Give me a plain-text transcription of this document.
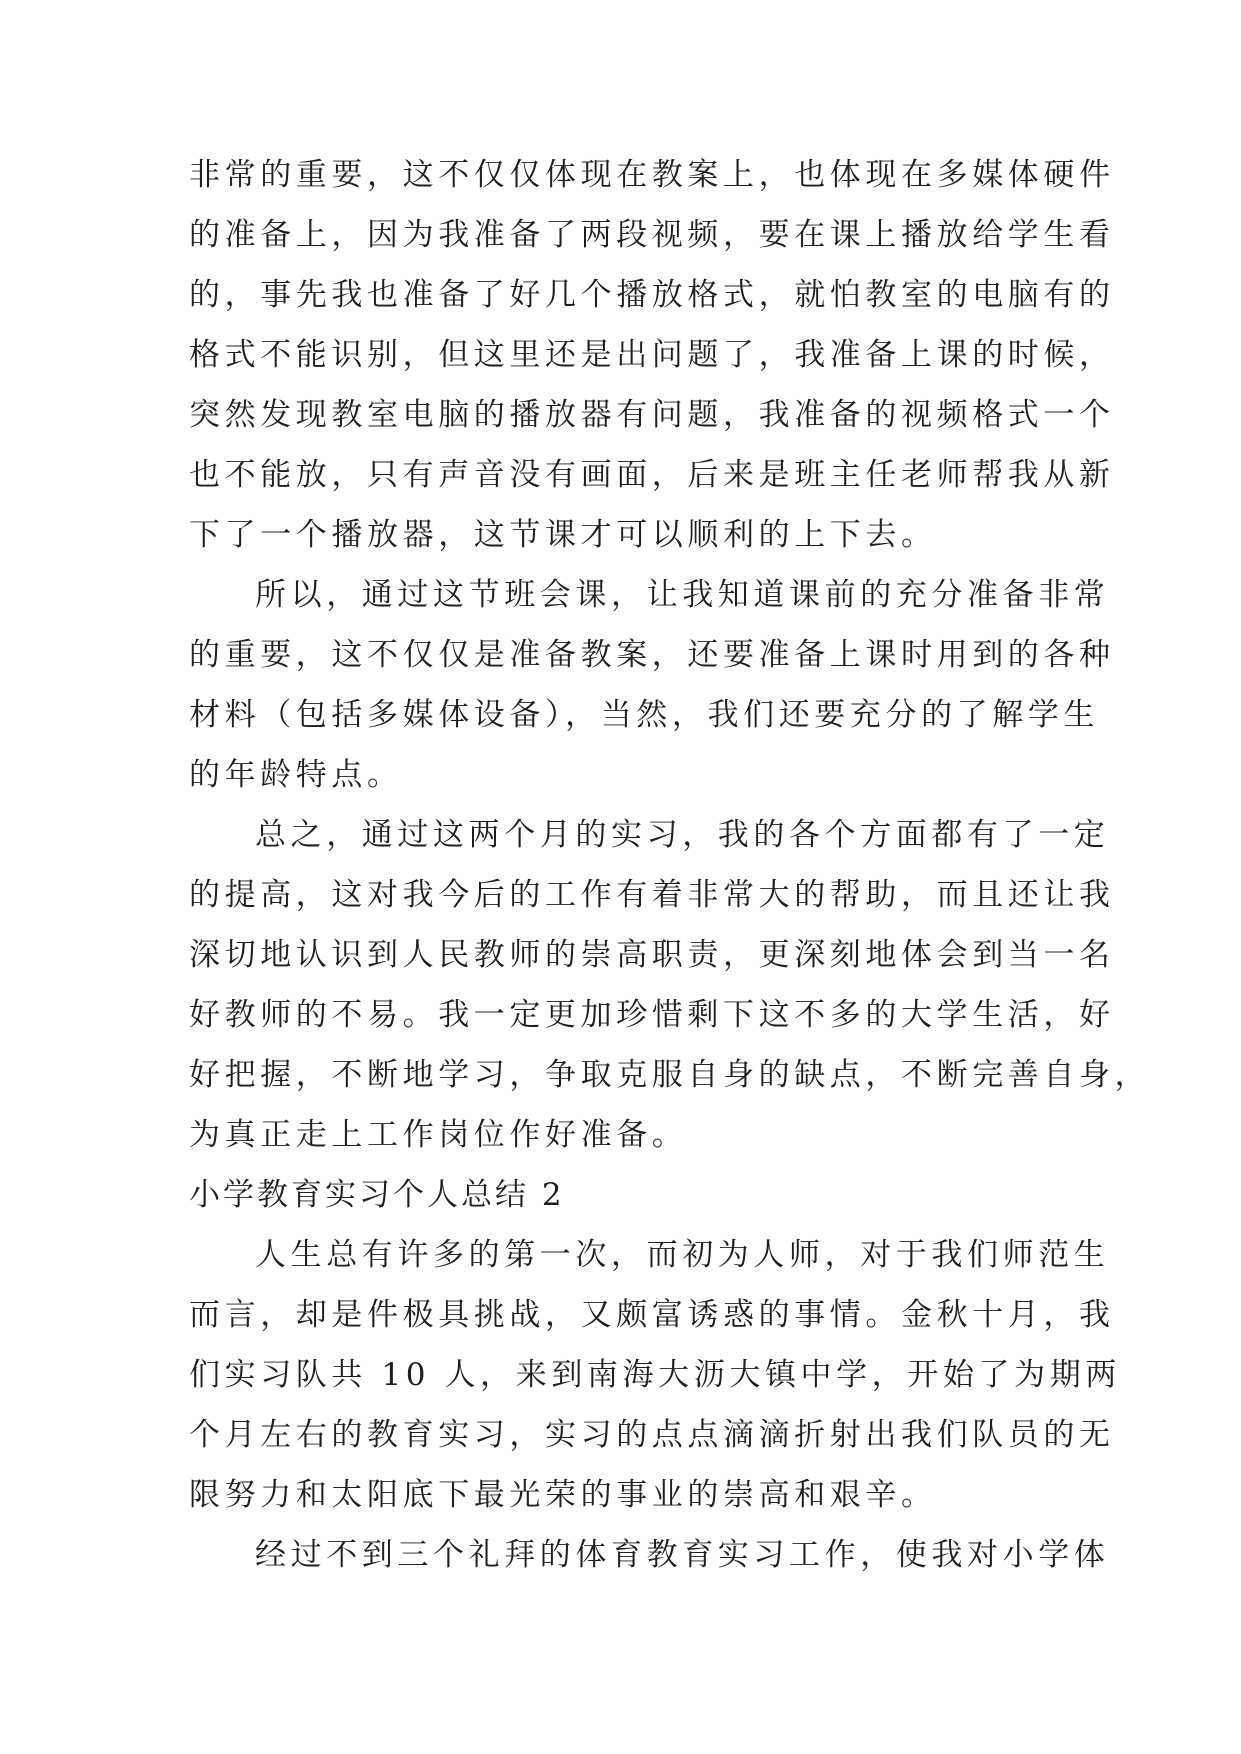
非常的重要，这不仅仅体现在教案上，也体现在多媒体硬件
的准备上，因为我准备了两段视频，要在课上播放给学生看
的，事先我也准备了好几个播放格式，就怕教室的电脑有的
格式不能识别，但这里还是出问题了，我准备上课的时候，
突然发现教室电脑的播放器有问题，我准备的视频格式一个
也不能放，只有声音没有画面，后来是班主任老师帮我从新
下了一个播放器，这节课才可以顺利的上下去。
所以，通过这节班会课，让我知道课前的充分准备非常
的重要，这不仅仅是准备教案，还要准备上课时用到的各种
材料（包括多媒体设备），当然，我们还要充分的了解学生
的年龄特点。
总之，通过这两个月的实习，我的各个方面都有了一定
的提高，这对我今后的工作有着非常大的帮助，而且还让我
深切地认识到人民教师的崇高职责，更深刻地体会到当一名
好教师的不易。我一定更加珍惜剩下这不多的大学生活，好
好把握，不断地学习，争取克服自身的缺点，不断完善自身，
为真正走上工作岗位作好准备。
小学教育实习个人总结 2
人生总有许多的第一次，而初为人师，对于我们师范生
而言，却是件极具挑战，又颇富诱惑的事情。金秋十月，我
们实习队共 10 人，来到南海大沥大镇中学，开始了为期两
个月左右的教育实习，实习的点点滴滴折射出我们队员的无
限努力和太阳底下最光荣的事业的崇高和艰辛。
经过不到三个礼拜的体育教育实习工作，使我对小学体
